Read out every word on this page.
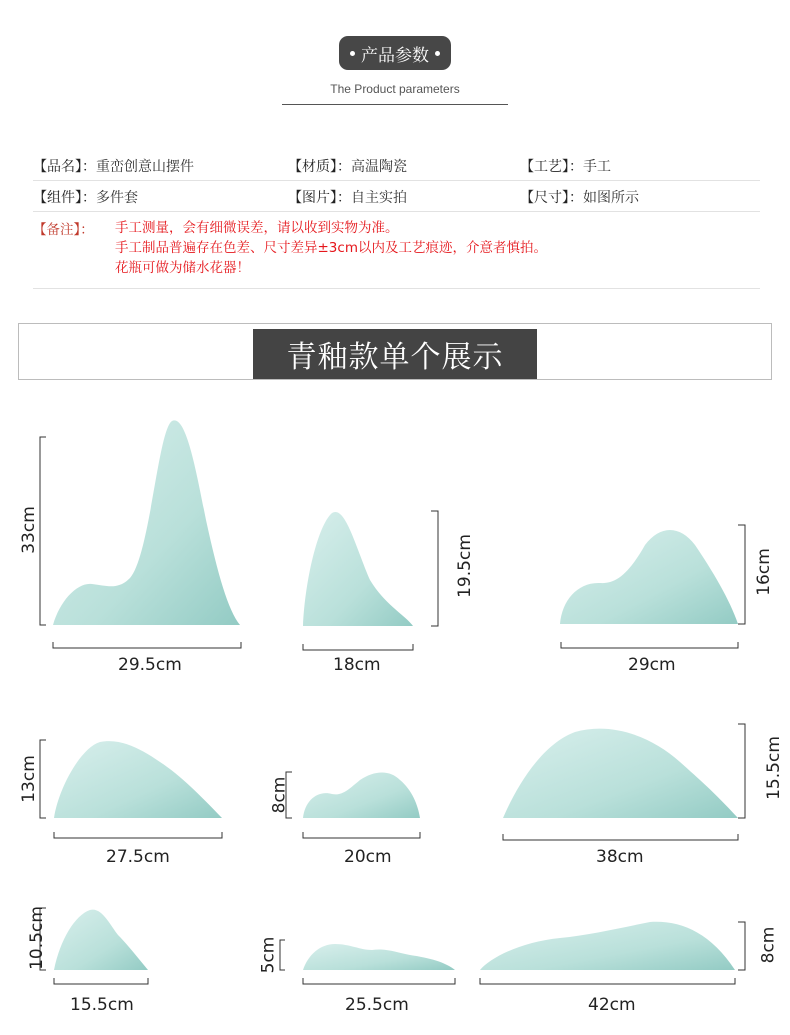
产品参数
The Product parameters
【品名】：重峦创意山摆件	【材质】：高温陶瓷	【工艺】：手工
【组件】：多件套	【图片】：自主实拍	【尺寸】：如图所示
【备注】： 手工测量，会有细微误差，请以收到实物为准。
手工制品普遍存在色差、尺寸差异±3cm以内及工艺痕迹，介意者慎拍。
花瓶可做为储水花器！
青釉款单个展示
29.5cm	18cm	29cm
27.5cm	20cm	38cm
15.5cm	25.5cm	42cm
33cm
19.5cm	16cm
13cm	8cm	15.5cm
10.5cm	5cm	8cm
